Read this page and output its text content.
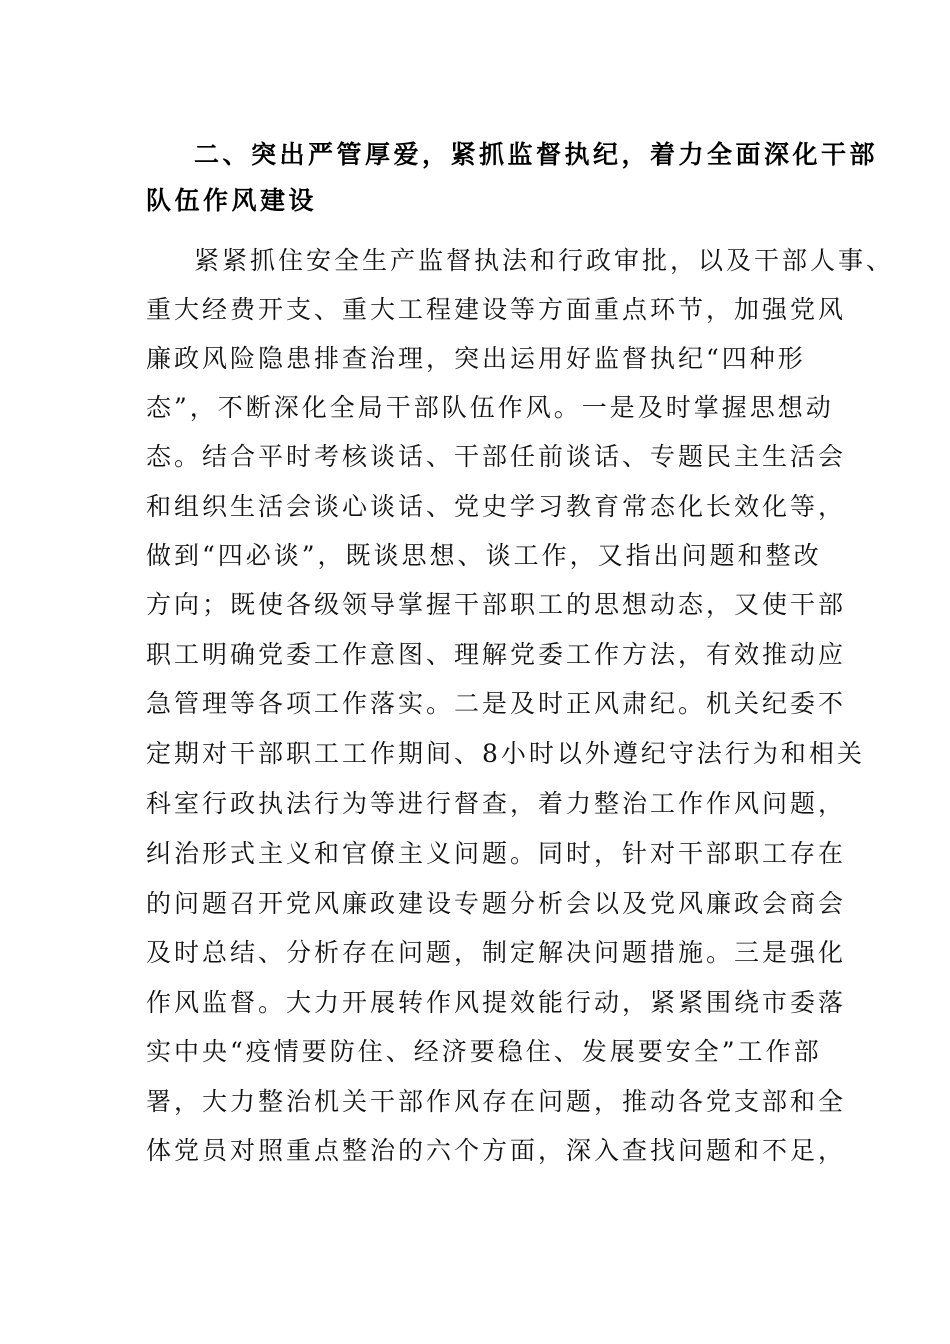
二、突出严管厚爱，紧抓监督执纪，着力全面深化干部
队伍作风建设
紧紧抓住安全生产监督执法和行政审批，以及干部人事、
重大经费开支、重大工程建设等方面重点环节，加强党风
廉政风险隐患排查治理，突出运用好监督执纪“四种形
态”，不断深化全局干部队伍作风。一是及时掌握思想动
态。结合平时考核谈话、干部任前谈话、专题民主生活会
和组织生活会谈心谈话、党史学习教育常态化长效化等，
做到“四必谈”，既谈思想、谈工作，又指出问题和整改
方向；既使各级领导掌握干部职工的思想动态，又使干部
职工明确党委工作意图、理解党委工作方法，有效推动应
急管理等各项工作落实。二是及时正风肃纪。机关纪委不
定期对干部职工工作期间、8小时以外遵纪守法行为和相关
科室行政执法行为等进行督查，着力整治工作作风问题，
纠治形式主义和官僚主义问题。同时，针对干部职工存在
的问题召开党风廉政建设专题分析会以及党风廉政会商会
及时总结、分析存在问题，制定解决问题措施。三是强化
作风监督。大力开展转作风提效能行动，紧紧围绕市委落
实中央“疫情要防住、经济要稳住、发展要安全”工作部
署，大力整治机关干部作风存在问题，推动各党支部和全
体党员对照重点整治的六个方面，深入查找问题和不足，
